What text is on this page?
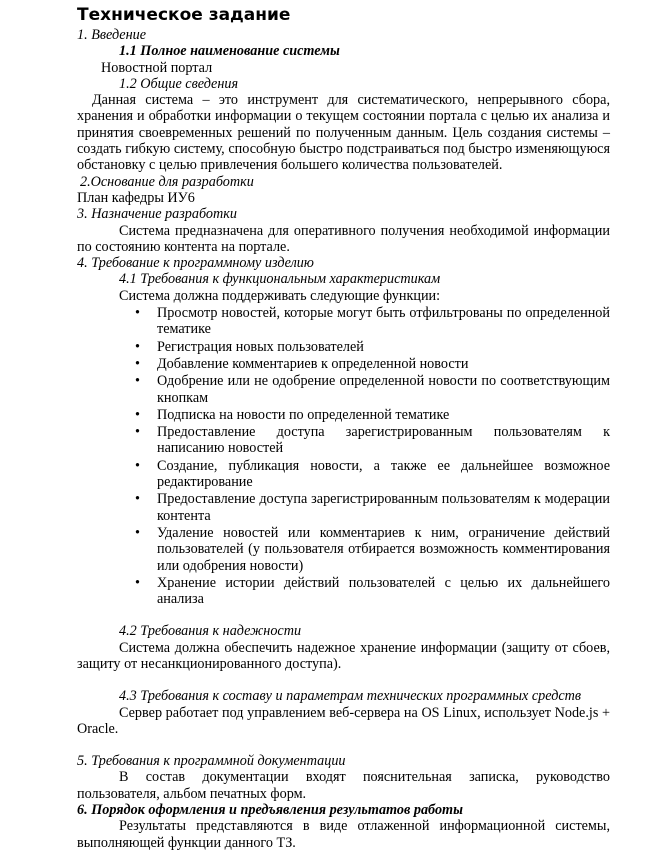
Техническое задание

1. Введение

1.1 Полное наименование системы

Новостной портал

1.2 Общие сведения

Данная система – это инструмент для систематического, непрерывного сбора, хранения и обработки информации о текущем состоянии портала с целью их анализа и принятия своевременных решений по полученным данным. Цель создания системы – создать гибкую систему, способную быстро подстраиваться под быстро изменяющуюся обстановку с целью привлечения большего количества пользователей.

2.Основание для разработки

План кафедры ИУ6

3. Назначение разработки

Система предназначена для оперативного получения необходимой информации по состоянию контента на портале.

4. Требование к программному изделию

4.1 Требования к функциональным характеристикам

Система должна поддерживать следующие функции:

• Просмотр новостей, которые могут быть отфильтрованы по определенной тематике
• Регистрация новых пользователей
• Добавление комментариев к определенной новости
• Одобрение или не одобрение определенной новости по соответствующим кнопкам
• Подписка на новости по определенной тематике
• Предоставление доступа зарегистрированным пользователям к написанию новостей
• Создание, публикация новости, а также ее дальнейшее возможное редактирование
• Предоставление доступа зарегистрированным пользователям к модерации контента
• Удаление новостей или комментариев к ним, ограничение действий пользователей (у пользователя отбирается возможность комментирования или одобрения новости)
• Хранение истории действий пользователей с целью их дальнейшего анализа

4.2 Требования к надежности

Система должна обеспечить надежное хранение информации (защиту от сбоев, защиту от несанкционированного доступа).

4.3 Требования к составу и параметрам технических программных средств

Сервер работает под управлением веб-сервера на OS Linux, использует Node.js + Oracle.

5. Требования к программной документации

В состав документации входят пояснительная записка, руководство пользователя, альбом печатных форм.

6. Порядок оформления и предъявления результатов работы

Результаты представляются в виде отлаженной информационной системы, выполняющей функции данного ТЗ.
